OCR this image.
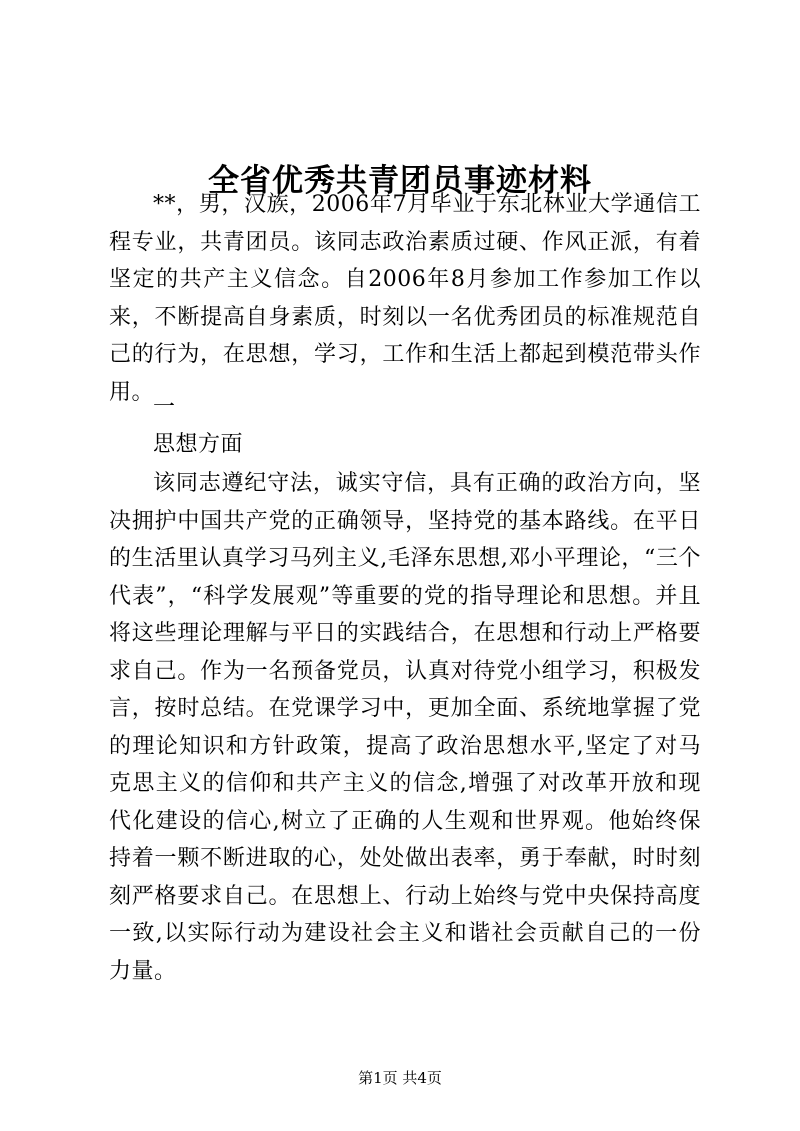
全省优秀共青团员事迹材料

**，男，汉族，2006年7月毕业于东北林业大学通信工程专业，共青团员。该同志政治素质过硬、作风正派，有着坚定的共产主义信念。自2006年8月参加工作参加工作以来，不断提高自身素质，时刻以一名优秀团员的标准规范自己的行为，在思想，学习，工作和生活上都起到模范带头作用。

一

思想方面

该同志遵纪守法，诚实守信，具有正确的政治方向，坚决拥护中国共产党的正确领导，坚持党的基本路线。在平日的生活里认真学习马列主义,毛泽东思想,邓小平理论，“三个代表”，“科学发展观”等重要的党的指导理论和思想。并且将这些理论理解与平日的实践结合，在思想和行动上严格要求自己。作为一名预备党员，认真对待党小组学习，积极发言，按时总结。在党课学习中，更加全面、系统地掌握了党的理论知识和方针政策，提高了政治思想水平,坚定了对马克思主义的信仰和共产主义的信念,增强了对改革开放和现代化建设的信心,树立了正确的人生观和世界观。他始终保持着一颗不断进取的心，处处做出表率，勇于奉献，时时刻刻严格要求自己。在思想上、行动上始终与党中央保持高度一致,以实际行动为建设社会主义和谐社会贡献自己的一份力量。

第1页 共4页
